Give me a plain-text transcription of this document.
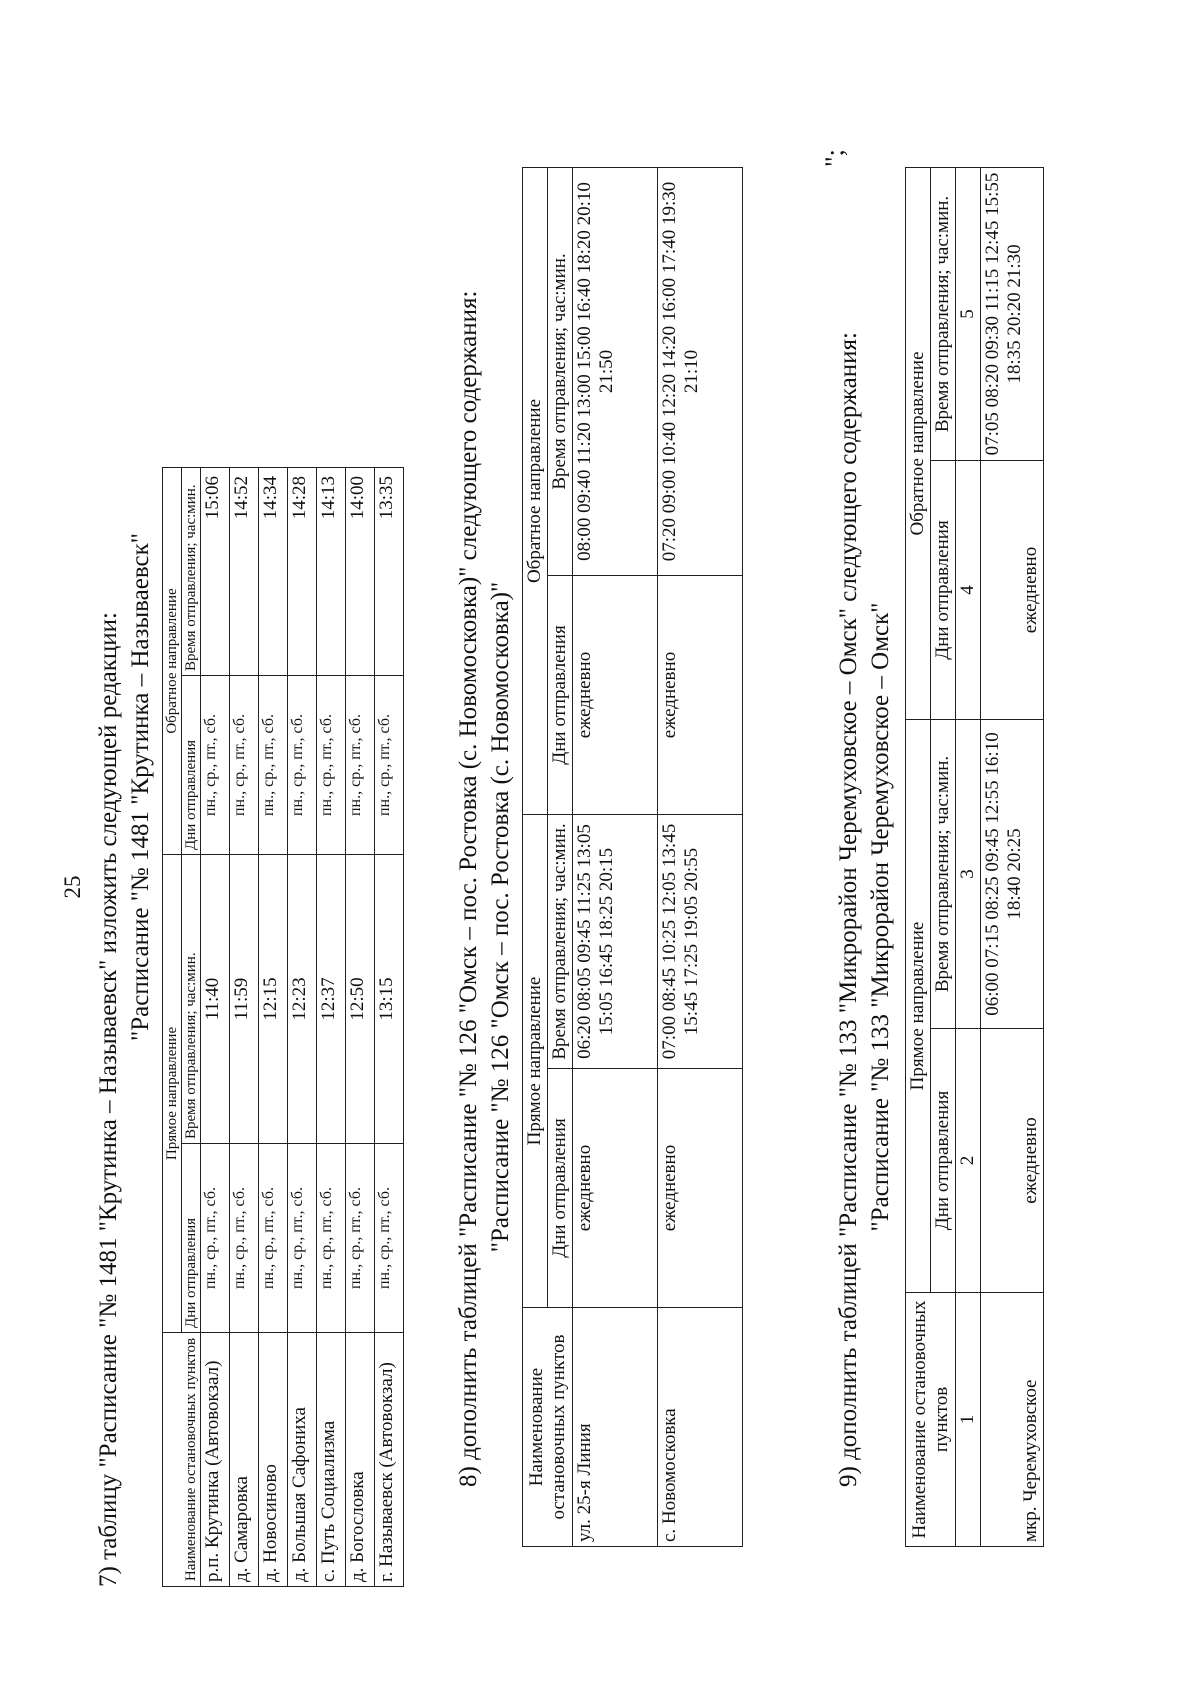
25 7) таблицу "Расписание "№ 1481 "Крутинка – Называевск" изложить следующей редакции: "Расписание "№ 1481 "Крутинка – Называевск"
Наименование остановочных пунктов	Прямое направление		Обратное направление	
	Дни отправления	Время отправления; час:мин.	Дни отправления	Время отправления; час:мин.
р.п. Крутинка (Автовокзал)	пн., ср., пт., сб.	11:40	пн., ср., пт., сб.	15:06
д. Самаровка	пн., ср., пт., сб.	11:59	пн., ср., пт., сб.	14:52
д. Новосиново	пн., ср., пт., сб.	12:15	пн., ср., пт., сб.	14:34
д. Большая Сафониха	пн., ср., пт., сб.	12:23	пн., ср., пт., сб.	14:28
с. Путь Социализма	пн., ср., пт., сб.	12:37	пн., ср., пт., сб.	14:13
д. Богословка	пн., ср., пт., сб.	12:50	пн., ср., пт., сб.	14:00
г. Называевск (Автовокзал)	пн., ср., пт., сб.	13:15	пн., ср., пт., сб.	13:35 8) дополнить таблицей "Расписание "№ 126 "Омск – пос. Ростовка (с. Новомосковка)" следующего содержания: "Расписание "№ 126 "Омск – пос. Ростовка (с. Новомосковка)"
Наименование остановочных пунктов	Прямое направление		Обратное направление	
	Дни отправления	Время отправления; час:мин.	Дни отправления	Время отправления; час:мин.
ул. 25-я Линия	ежедневно	06:20 08:05 09:45 11:25 13:05 15:05 16:45 18:25 20:15	ежедневно	08:00 09:40 11:20 13:00 15:00 16:40 18:20 20:10 21:50
с. Новомосковка	ежедневно	07:00 08:45 10:25 12:05 13:45 15:45 17:25 19:05 20:55	ежедневно	07:20 09:00 10:40 12:20 14:20 16:00 17:40 19:30 21:10
";
9) дополнить таблицей "Расписание "№ 133 "Микрорайон Черемуховское – Омск" следующего содержания: "Расписание "№ 133 "Микрорайон Черемуховское – Омск"
Наименование остановочных пунктов	Прямое направление		Обратное направление	
	Дни отправления	Время отправления; час:мин.	Дни отправления	Время отправления; час:мин.
1	2	3	4	5
мкр. Черемуховское	ежедневно	06:00 07:15 08:25 09:45 12:55 16:10 18:40 20:25	ежедневно	07:05 08:20 09:30 11:15 12:45 15:55 18:35 20:20 21:30
